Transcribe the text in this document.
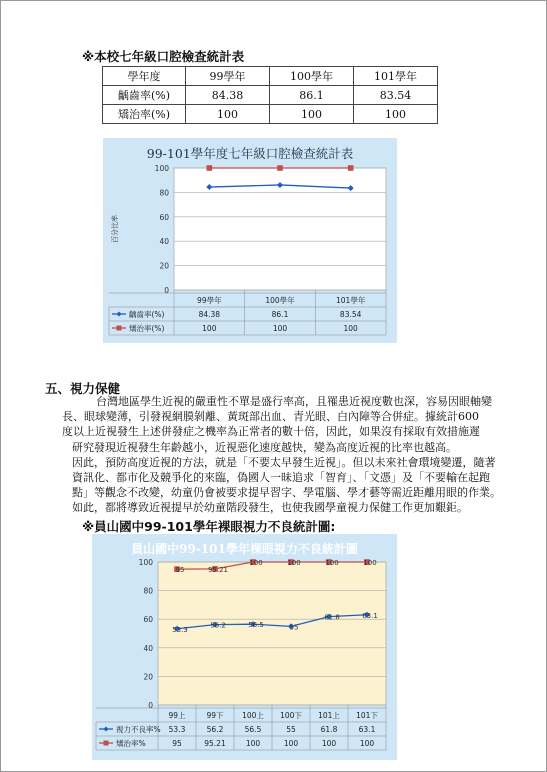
※本校七年級口腔檢查統計表
學年度	99學年	100學年	101學年
齲齒率(%)	84.38	86.1	83.54
矯治率(%)	100	100	100
99-101學年度七年級口腔檢查統計表
0
20
40
60
80
100
99學年	100學年	101學年
齲齒率(%)	84.38	86.1	83.54
矯治率(%)	100	100	100
百分比率
五、視力保健

台灣地區學生近視的嚴重性不單是盛行率高，且罹患近視度數也深，容易因眼軸變

長、眼球變薄，引發視網膜剝離、黃斑部出血、青光眼、白內障等合併症。據統計600

度以上近視發生上述併發症之機率為正常者的數十倍，因此，如果沒有採取有效措施遲

研究發現近視發生年齡越小，近視惡化速度越快，變為高度近視的比率也越高。

因此，預防高度近視的方法，就是「不要太早發生近視」。但以未來社會環境變遷，隨著

資訊化、都市化及競爭化的來臨，偽國人一昧追求「智育」、「文憑」及「不要輸在起跑

點」等觀念不改變，幼童仍會被要求提早習字、學電腦、學才藝等需近距離用眼的作業。

如此，都將導致近視提早於幼童階段發生，也使我國學童視力保健工作更加艱鉅。

※員山國中99-101學年裸眼視力不良統計圖:
員山國中99-101學年裸眼視力不良統計圖
0
20
40
60
80
100
99上	99下 100上 100下 101上 101下
53.3
56.2	56.5	55
61.8	63.1
視力不良率% 53.3	56.2	56.5	55	61.8	63.1
95	95.21
100	100	100	100
矯治率%	95	95.21	100	100	100	100
